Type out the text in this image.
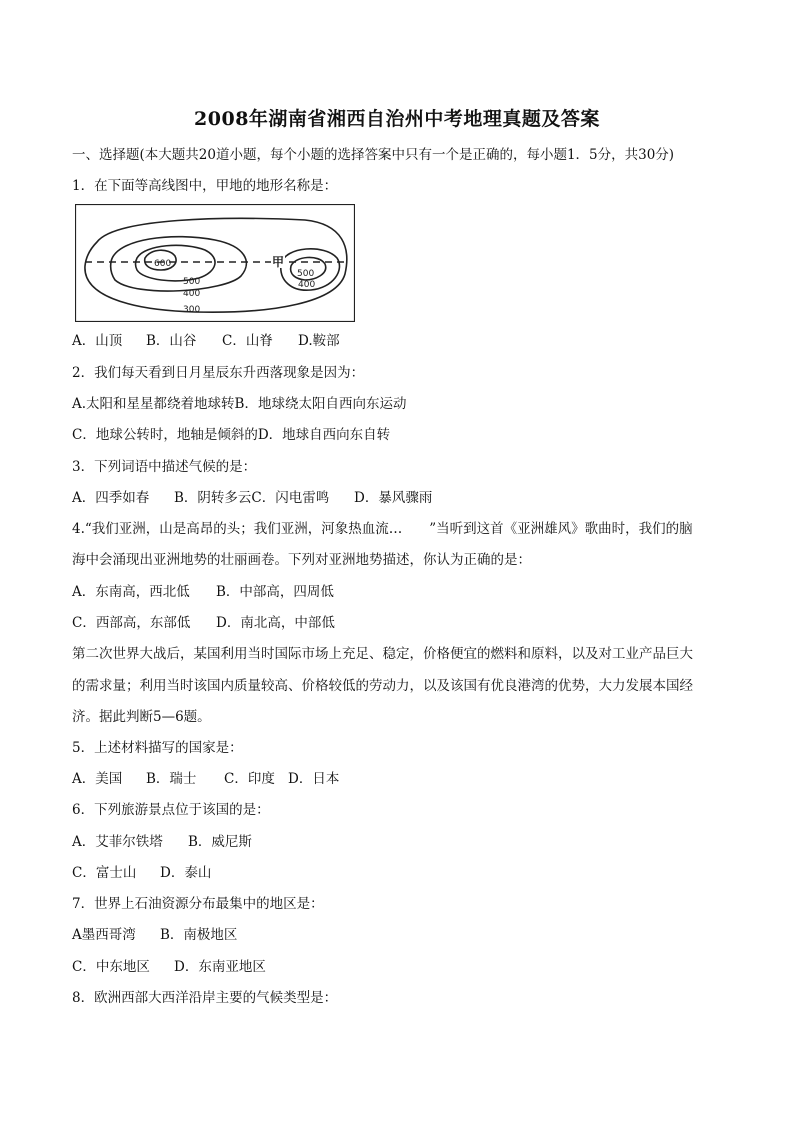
2008年湖南省湘西自治州中考地理真题及答案
一、选择题(本大题共20道小题，每个小题的选择答案中只有一个是正确的，每小题1．5分，共30分)
1．在下面等高线图中，甲地的地形名称是：
600
500
400
300
甲
500
400
A．山顶 B．山谷 C．山脊 D.鞍部
2．我们每天看到日月星辰东升西落现象是因为：
A.太阳和星星都绕着地球转B．地球绕太阳自西向东运动
C．地球公转时，地轴是倾斜的D．地球自西向东自转
3．下列词语中描述气候的是：
A．四季如春 B．阴转多云C．闪电雷鸣 D．暴风骤雨
4.“我们亚洲，山是高昂的头；我们亚洲，河象热血流…　　”当听到这首《亚洲雄风》歌曲时，我们的脑
海中会涌现出亚洲地势的壮丽画卷。下列对亚洲地势描述，你认为正确的是：
A．东南高，西北低 B．中部高，四周低
C．西部高，东部低 D．南北高，中部低
第二次世界大战后，某国利用当时国际市场上充足、稳定，价格便宜的燃料和原料，以及对工业产品巨大
的需求量；利用当时该国内质量较高、价格较低的劳动力，以及该国有优良港湾的优势，大力发展本国经
济。据此判断5—6题。
5．上述材料描写的国家是：
A．美国 B．瑞士 C．印度 D．日本
6．下列旅游景点位于该国的是：
A．艾菲尔铁塔 B．威尼斯
C．富士山 D．泰山
7．世界上石油资源分布最集中的地区是：
A墨西哥湾 B．南极地区
C．中东地区 D．东南亚地区
8．欧洲西部大西洋沿岸主要的气候类型是：
